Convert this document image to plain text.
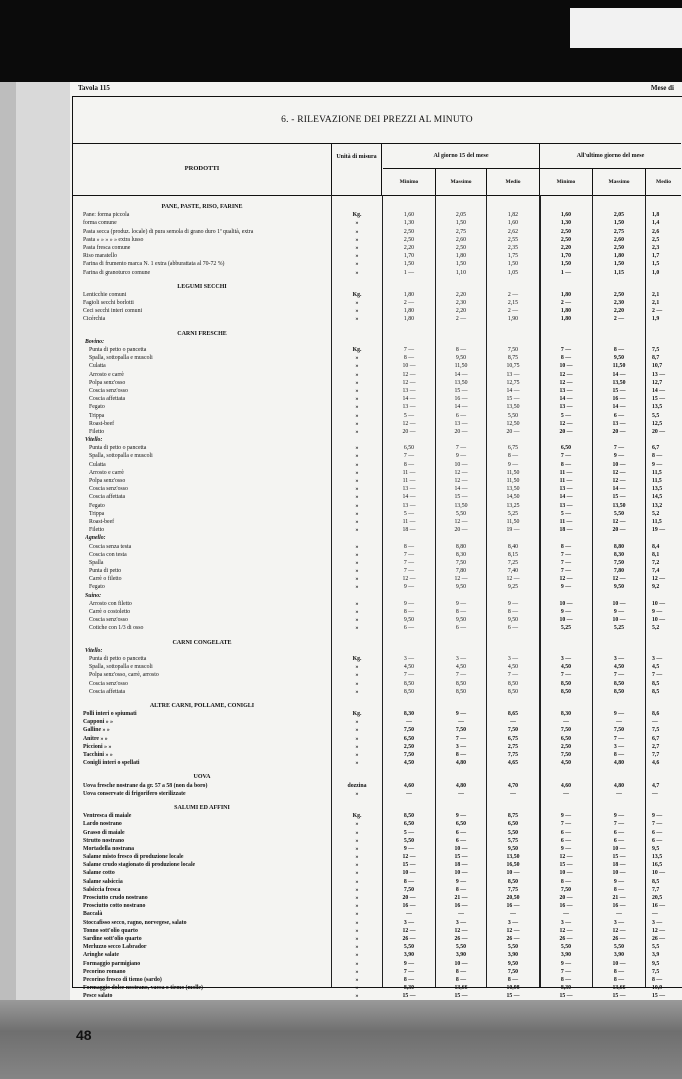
Tavola 115	Mese di
6. - RILEVAZIONE DEI PREZZI AL MINUTO
PRODOTTI
Unità di misura	Al giorno 15 del mese	All'ultimo giorno del mese
Minimo	Massimo	Medio	Minimo	Massimo	Medio
PANE, PASTE, RISO, FARINE
Pane: forma piccola	Kg.	1,60	2,05	1,82	1,60	2,05	1,8
forma comune	»	1,30	1,50	1,60	1,30	1,50	1,4
Pasta secca (produz. locale) di pura semola di grano duro 1ª qualità, extra	»	2,50	2,75	2,62	2,50	2,75	2,6
Pasta » » » » » extra lusso	»	2,50	2,60	2,55	2,50	2,60	2,5
Pasta fresca comune	»	2,20	2,50	2,35	2,20	2,50	2,3
Riso maratello	»	1,70	1,80	1,75	1,70	1,80	1,7
Farina di frumento marca N. 1 extra (abburattata al 70-72 %)	»	1,50	1,50	1,50	1,50	1,50	1,5
Farina di granoturco comune	»	1 —	1,10	1,05	1 —	1,15	1,0
LEGUMI SECCHI
Lenticchie comuni	Kg.	1,80	2,20	2 —	1,80	2,50	2,1
Fagioli secchi borlotti	»	2 —	2,30	2,15	2 —	2,30	2,1
Ceci secchi interi comuni	»	1,80	2,20	2 —	1,80	2,20	2 —
Cicérchia	»	1,80	2 —	1,90	1,80	2 —	1,9
CARNI FRESCHE
Bovino:
Punta di petto o pancetta	Kg.	7 —	8 —	7,50	7 —	8 —	7,5
Spalla, sottopalla e muscoli	»	8 —	9,50	8,75	8 —	9,50	8,7
Culatta	»	10 —	11,50	10,75	10 —	11,50	10,7
Arrosto e carrè	»	12 —	14 —	13 —	12 —	14 —	13 —
Polpa senz'osso	»	12 —	13,50	12,75	12 —	13,50	12,7
Coscia senz'osso	»	13 —	15 —	14 —	13 —	15 —	14 —
Coscia affettata	»	14 —	16 —	15 —	14 —	16 —	15 —
Fegato	»	13 —	14 —	13,50	13 —	14 —	13,5
Trippa	»	5 —	6 —	5,50	5 —	6 —	5,5
Roast-beef	»	12 —	13 —	12,50	12 —	13 —	12,5
Filetto	»	20 —	20 —	20 —	20 —	20 —	20 —
Vitello:
Punta di petto o pancetta	»	6,50	7 —	6,75	6,50	7 —	6,7
Spalla, sottopalla e muscoli	»	7 —	9 —	8 —	7 —	9 —	8 —
Culatta	»	8 —	10 —	9 —	8 —	10 —	9 —
Arrosto e carrè	»	11 —	12 —	11,50	11 —	12 —	11,5
Polpa senz'osso	»	11 —	12 —	11,50	11 —	12 —	11,5
Coscia senz'osso	»	13 —	14 —	13,50	13 —	14 —	13,5
Coscia affettata	»	14 —	15 —	14,50	14 —	15 —	14,5
Fegato	»	13 —	13,50	13,25	13 —	13,50	13,2
Trippa	»	5 —	5,50	5,25	5 —	5,50	5,2
Roast-beef	»	11 —	12 —	11,50	11 —	12 —	11,5
Filetto	»	18 —	20 —	19 —	18 —	20 —	19 —
Agnello:
Coscia senza testa	»	8 —	8,80	8,40	8 —	8,80	8,4
Coscia con testa	»	7 —	8,30	8,15	7 —	8,30	8,1
Spalla	»	7 —	7,50	7,25	7 —	7,50	7,2
Punta di petto	»	7 —	7,80	7,40	7 —	7,80	7,4
Carrè o filetto	»	12 —	12 —	12 —	12 —	12 —	12 —
Fegato	»	9 —	9,50	9,25	9 —	9,50	9,2
Suino:
Arrosto con filetto	»	9 —	9 —	9 —	10 —	10 —	10 —
Carrè o costoletto	»	8 —	8 —	8 —	9 —	9 —	9 —
Coscia senz'osso	»	9,50	9,50	9,50	10 —	10 —	10 —
Cotiche con 1/3 di osso	»	6 —	6 —	6 —	5,25	5,25	5,2
CARNI CONGELATE
Vitello:
Punta di petto o pancetta	Kg.	3 —	3 —	3 —	3 —	3 —	3 —
Spalla, sottopalla e muscoli	»	4,50	4,50	4,50	4,50	4,50	4,5
Polpa senz'osso, carrè, arrosto	»	7 —	7 —	7 —	7 —	7 —	7 —
Coscia senz'osso	»	8,50	8,50	8,50	8,50	8,50	8,5
Coscia affettata	»	8,50	8,50	8,50	8,50	8,50	8,5
ALTRE CARNI, POLLAME, CONIGLI
Polli interi o spiumati	Kg.	8,30	9 —	8,65	8,30	9 —	8,6
Capponi » »	»	—	—	—	—	—	—
Galline » »	»	7,50	7,50	7,50	7,50	7,50	7,5
Anitre » »	»	6,50	7 —	6,75	6,50	7 —	6,7
Piccioni » »	»	2,50	3 —	2,75	2,50	3 —	2,7
Tacchini » »	»	7,50	8 —	7,75	7,50	8 —	7,7
Conigli interi o spellati	»	4,50	4,80	4,65	4,50	4,80	4,6
UOVA
Uova fresche nostrane da gr. 57 a 58 (non da boro)	dozzina	4,60	4,80	4,70	4,60	4,80	4,7
Uova conservate di frigorifero sterilizzate	»	—	—	—	—	—	—
SALUMI ED AFFINI
Ventresca di maiale	Kg.	8,50	9 —	8,75	9 —	9 —	9 —
Lardo nostrano	»	6,50	6,50	6,50	7 —	7 —	7 —
Grasso di maiale	»	5 —	6 —	5,50	6 —	6 —	6 —
Strutto nostrano	»	5,50	6 —	5,75	6 —	6 —	6 —
Mortadella nostrana	»	9 —	10 —	9,50	9 —	10 —	9,5
Salame misto fresco di produzione locale	»	12 —	15 —	13,50	12 —	15 —	13,5
Salame crudo stagionato di produzione locale	»	15 —	18 —	16,50	15 —	18 —	16,5
Salame cotto	»	10 —	10 —	10 —	10 —	10 —	10 —
Salame salsiccia	»	8 —	9 —	8,50	8 —	9 —	8,5
Salsiccia fresca	»	7,50	8 —	7,75	7,50	8 —	7,7
Prosciutto crudo nostrano	»	20 —	21 —	20,50	20 —	21 —	20,5
Prosciutto cotto nostrano	»	16 —	16 —	16 —	16 —	16 —	16 —
Baccalà	»	—	—	—	—	—	—
Stoccafisso secco, ragno, norvegese, salato	»	3 —	3 —	3 —	3 —	3 —	3 —
Tonno sott'olio quarto	»	12 —	12 —	12 —	12 —	12 —	12 —
Sardine sott'olio quarto	»	26 —	26 —	26 —	26 —	26 —	26 —
Merluzzo secco Labrador	»	5,50	5,50	5,50	5,50	5,50	5,5
Aringhe salate	»	3,90	3,90	3,90	3,90	3,90	3,9
Formaggio parmigiano	»	9 —	10 —	9,50	9 —	10 —	9,5
Pecorino romano	»	7 —	8 —	7,50	7 —	8 —	7,5
Pecorino fresco di tiemo (sardo)	»	8 —	8 —	8 —	8 —	8 —	8 —
Formaggio dolce nostrano, vacca o tiemo (molle)	»	8,30	13,66	10,98	8,30	13,66	10,9
Pesce salato	»	15 —	15 —	15 —	15 —	15 —	15 —
48
